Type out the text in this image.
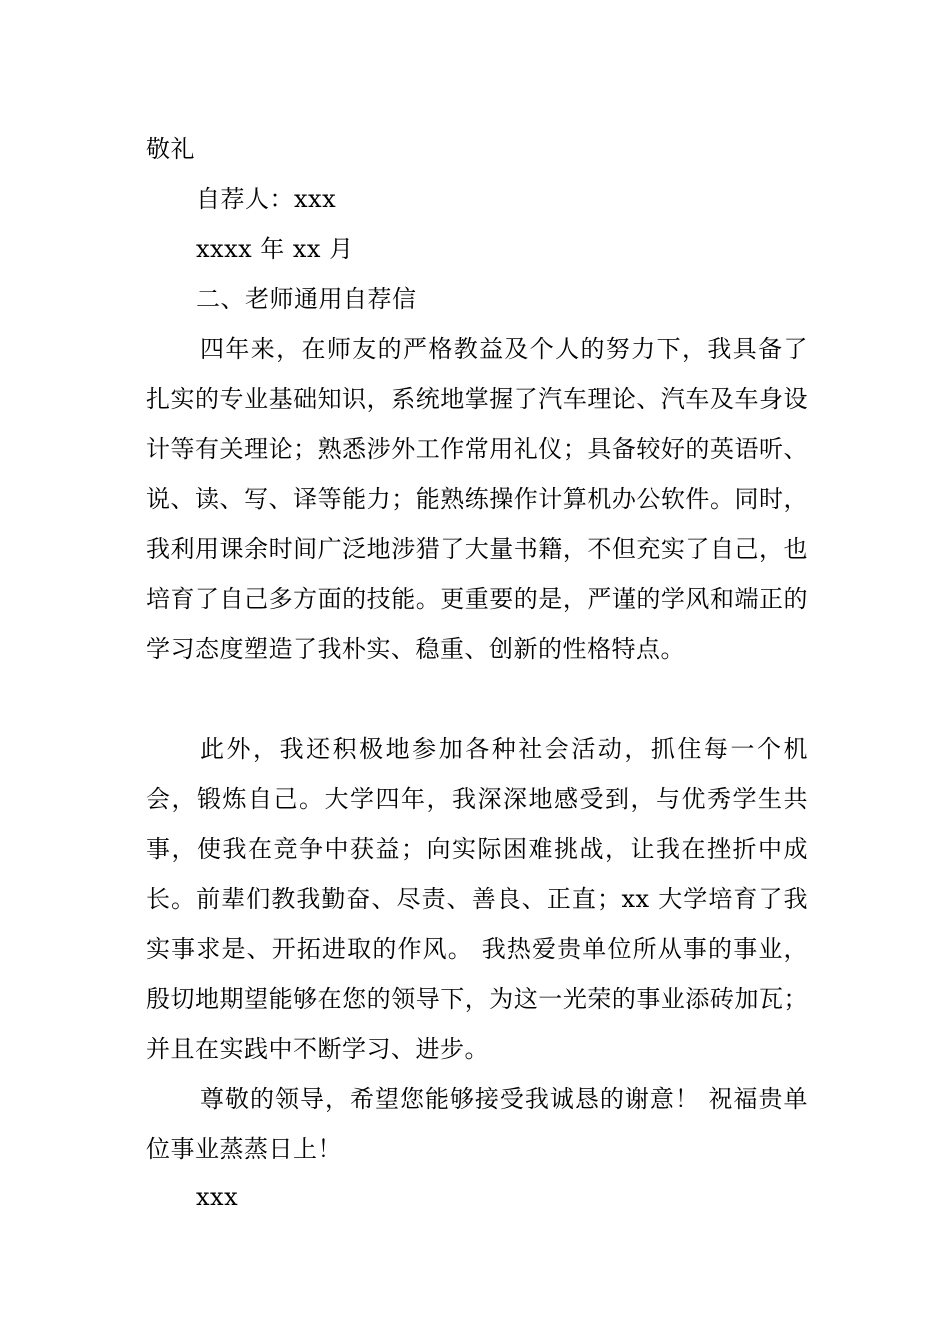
敬礼
自荐人：xxx
xxxx 年 xx 月
二、老师通用自荐信
四年来，在师友的严格教益及个人的努力下，我具备了扎实的专业基础知识，系统地掌握了汽车理论、汽车及车身设计等有关理论；熟悉涉外工作常用礼仪；具备较好的英语听、说、读、写、译等能力；能熟练操作计算机办公软件。同时，我利用课余时间广泛地涉猎了大量书籍，不但充实了自己，也培育了自己多方面的技能。更重要的是，严谨的学风和端正的学习态度塑造了我朴实、稳重、创新的性格特点。
此外，我还积极地参加各种社会活动，抓住每一个机会，锻炼自己。大学四年，我深深地感受到，与优秀学生共事，使我在竞争中获益；向实际困难挑战，让我在挫折中成长。前辈们教我勤奋、尽责、善良、正直；xx 大学培育了我实事求是、开拓进取的作风。 我热爱贵单位所从事的事业，殷切地期望能够在您的领导下，为这一光荣的事业添砖加瓦；并且在实践中不断学习、进步。
尊敬的领导，希望您能够接受我诚恳的谢意！ 祝福贵单位事业蒸蒸日上！
xxx
